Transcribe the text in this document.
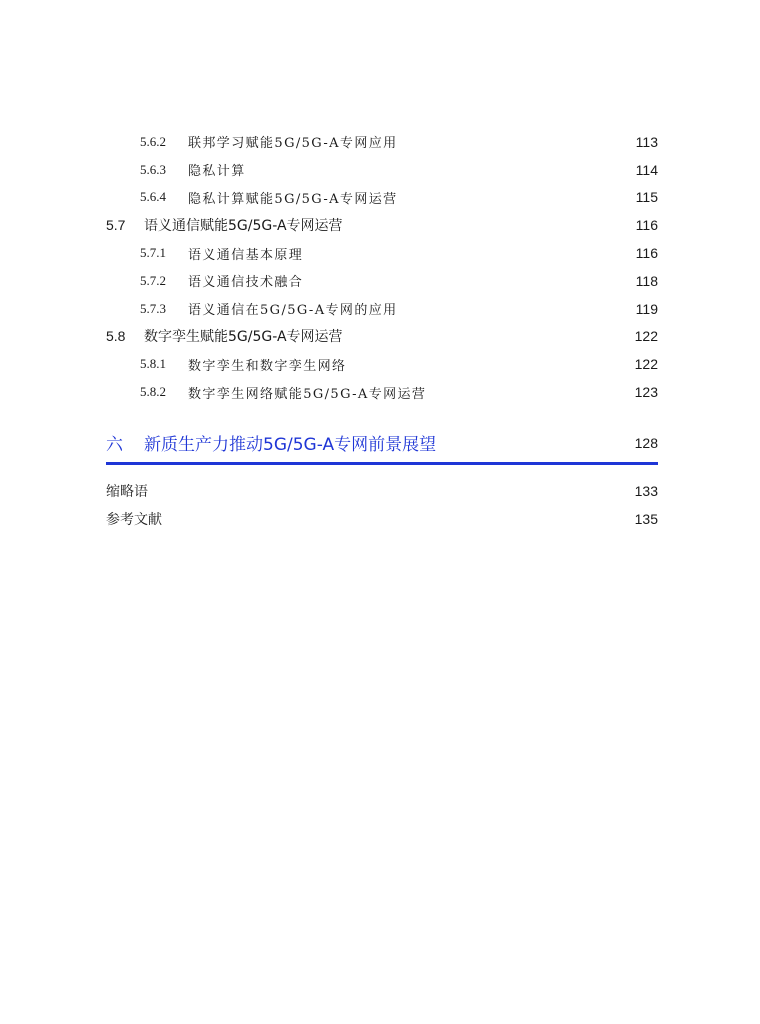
5.6.2	联邦学习赋能5G/5G-A专网应用	113
5.6.3	隐私计算	114
5.6.4	隐私计算赋能5G/5G-A专网运营	115
5.7	语义通信赋能5G/5G-A专网运营	116
5.7.1	语义通信基本原理	116
5.7.2	语义通信技术融合	118
5.7.3	语义通信在5G/5G-A专网的应用	119
5.8	数字孪生赋能5G/5G-A专网运营	122
5.8.1	数字孪生和数字孪生网络	122
5.8.2	数字孪生网络赋能5G/5G-A专网运营	123
六	新质生产力推动5G/5G-A专网前景展望	128
缩略语	133
参考文献	135
